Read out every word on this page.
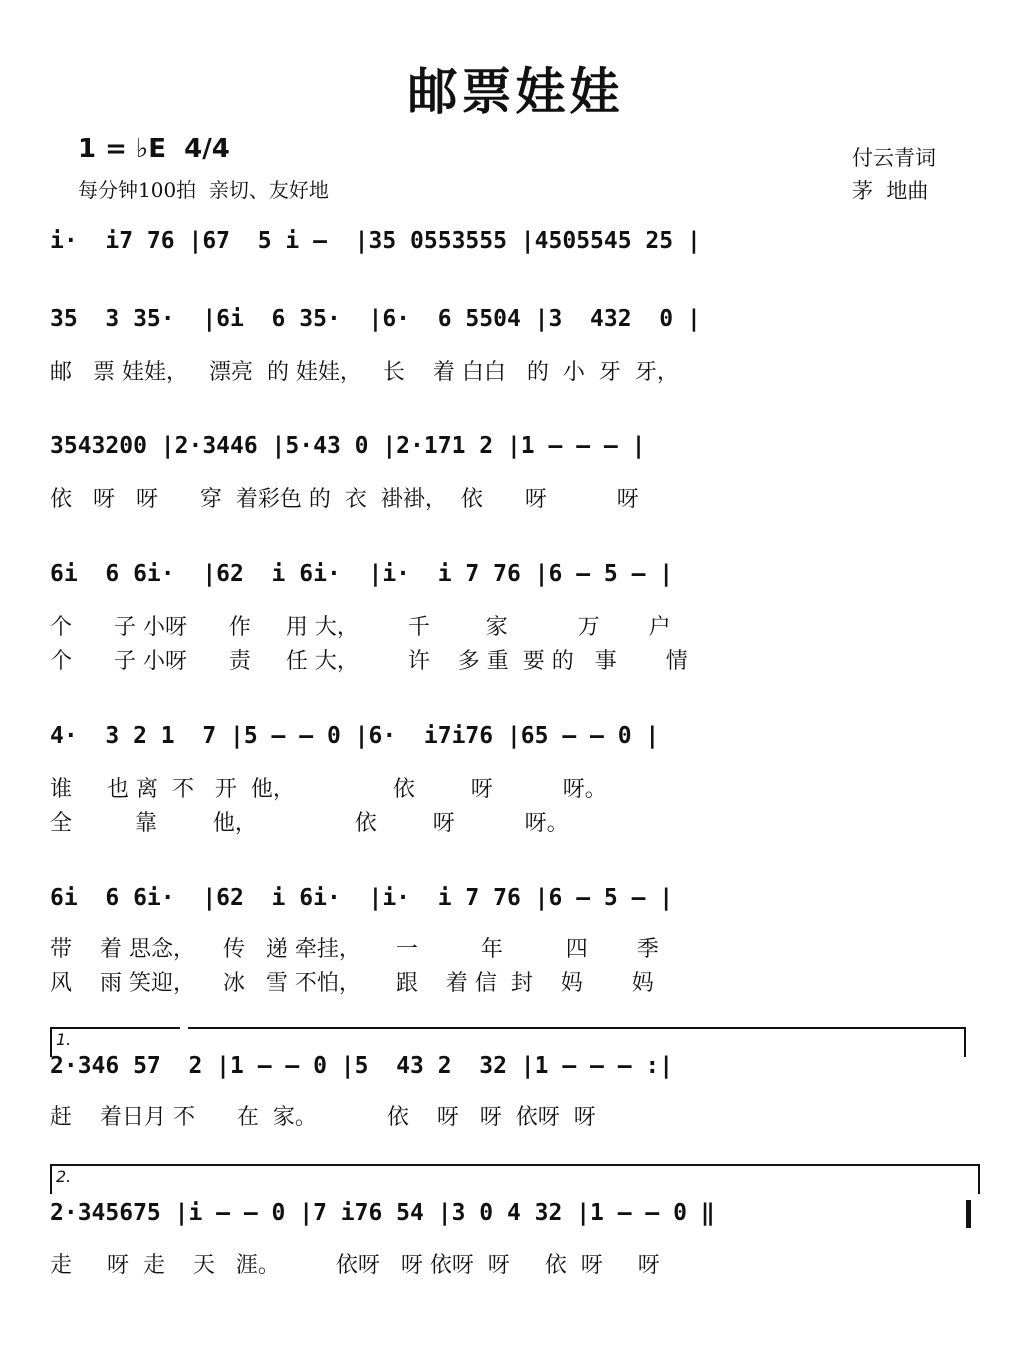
邮票娃娃
1 = ♭E  4/4
每分钟100拍  亲切、友好地
付云青词
茅  地曲
i·  i7 76 |67  5 i –  |35 0553555 |4505545 25 |
35  3 35·  |6i  6 35·  |6·  6 5504 |3  432  0 |
3543200 |2·3446 |5·43 0 |2·171 2 |1 – – – |
6i  6 6i·  |62  i 6i·  |i·  i 7 76 |6 – 5 – |
4·  3 2 1  7 |5 – – 0 |6·  i7i76 |65 – – 0 |
6i  6 6i·  |62  i 6i·  |i·  i 7 76 |6 – 5 – |
2·346 57  2 |1 – – 0 |5  43 2  32 |1 – – – :|
2·345675 |i – – 0 |7 i76 54 |3 0 4 32 |1 – – 0 ‖
邮   票 娃娃，   漂亮  的 娃娃，   长    着 白白   的  小  牙  牙，
依   呀   呀      穿  着彩色 的  衣  褂褂，  依      呀          呀
个      子 小呀      作     用 大，       千        家          万       户
个      子 小呀      责     任 大，       许    多 重  要 的   事       情
谁     也 离  不   开  他，              依        呀          呀。
全         靠        他，              依        呀          呀。
带    着 思念，    传   递 牵挂，     一         年         四       季
风    雨 笑迎，    冰   雪 不怕，     跟    着 信  封    妈       妈
赶    着日月 不      在  家。          依    呀   呀  依呀  呀
走     呀  走    天   涯。        依呀   呀 依呀  呀     依  呀     呀
1.
2.
